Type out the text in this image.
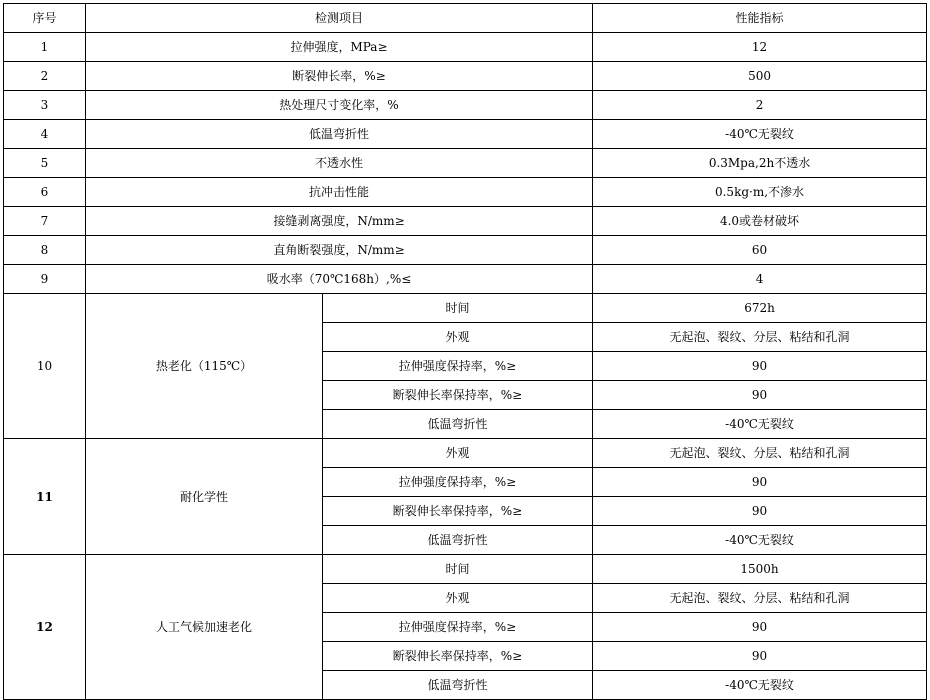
序号	检测项目		性能指标
1	拉伸强度，MPa≥		12
2	断裂伸长率，%≥		500
3	热处理尺寸变化率，%		2
4	低温弯折性		-40℃无裂纹
5	不透水性		0.3Mpa,2h不透水
6	抗冲击性能		0.5kg·m,不渗水
7	接缝剥离强度，N/mm≥		4.0或卷材破坏
8	直角断裂强度，N/mm≥		60
9	吸水率（70℃168h）,%≤		4
10	热老化（115℃）	时间	672h
		外观	无起泡、裂纹、分层、粘结和孔洞
		拉伸强度保持率，%≥	90
		断裂伸长率保持率，%≥	90
		低温弯折性	-40℃无裂纹
11	耐化学性	外观	无起泡、裂纹、分层、粘结和孔洞
		拉伸强度保持率，%≥	90
		断裂伸长率保持率，%≥	90
		低温弯折性	-40℃无裂纹
12	人工气候加速老化	时间	1500h
		外观	无起泡、裂纹、分层、粘结和孔洞
		拉伸强度保持率，%≥	90
		断裂伸长率保持率，%≥	90
		低温弯折性	-40℃无裂纹
